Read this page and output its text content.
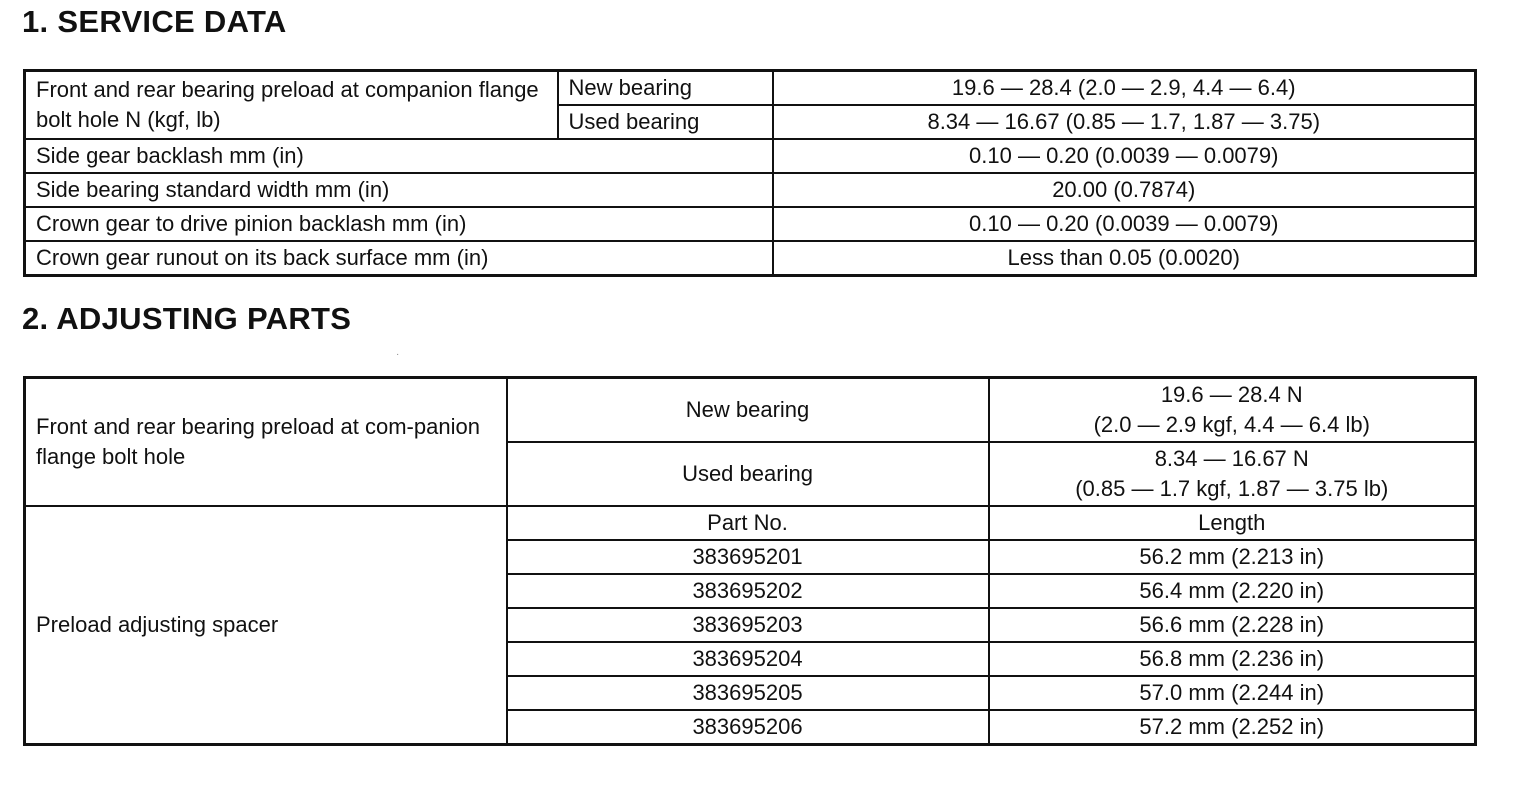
1. SERVICE DATA
Front and rear bearing preload at companion flange bolt hole N (kgf, lb)	New bearing	19.6 — 28.4 (2.0 — 2.9, 4.4 — 6.4)
	Used bearing	8.34 — 16.67 (0.85 — 1.7, 1.87 — 3.75)
Side gear backlash mm (in)		0.10 — 0.20 (0.0039 — 0.0079)
Side bearing standard width mm (in)		20.00 (0.7874)
Crown gear to drive pinion backlash mm (in)		0.10 — 0.20 (0.0039 — 0.0079)
Crown gear runout on its back surface mm (in)		Less than 0.05 (0.0020)
2. ADJUSTING PARTS
·
Front and rear bearing preload at com-panion flange bolt hole	New bearing	19.6 — 28.4 N
(2.0 — 2.9 kgf, 4.4 — 6.4 lb)

	Used bearing	8.34 — 16.67 N
(0.85 — 1.7 kgf, 1.87 — 3.75 lb)

Preload adjusting spacer	Part No.	Length
	383695201	56.2 mm (2.213 in)
	383695202	56.4 mm (2.220 in)
	383695203	56.6 mm (2.228 in)
	383695204	56.8 mm (2.236 in)
	383695205	57.0 mm (2.244 in)
	383695206	57.2 mm (2.252 in)
